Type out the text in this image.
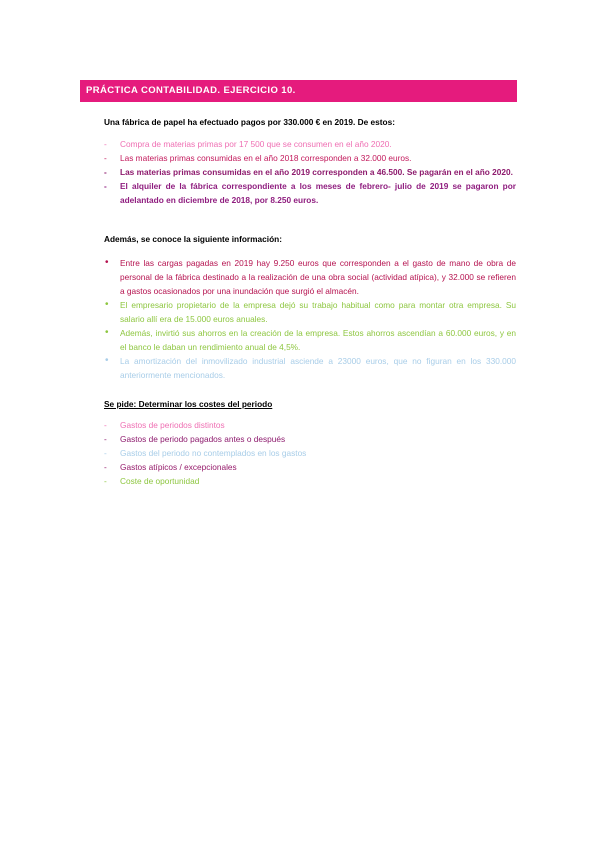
PRÁCTICA CONTABILIDAD. EJERCICIO 10.
Una fábrica de papel ha efectuado pagos por 330.000 € en 2019. De estos:
- Compra de materias primas por 17 500 que se consumen en el año 2020.
- Las materias primas consumidas en el año 2018 corresponden a 32.000 euros.
- Las materias primas consumidas en el año 2019 corresponden a 46.500. Se pagarán en el año 2020.
- El alquiler de la fábrica correspondiente a los meses de febrero- julio de 2019 se pagaron por adelantado en diciembre de 2018, por 8.250 euros.
Además, se conoce la siguiente información:
• Entre las cargas pagadas en 2019 hay 9.250 euros que corresponden a el gasto de mano de obra de personal de la fábrica destinado a la realización de una obra social (actividad atípica), y 32.000 se refieren a gastos ocasionados por una inundación que surgió el almacén.
• El empresario propietario de la empresa dejó su trabajo habitual como para montar otra empresa. Su salario allí era de 15.000 euros anuales.
• Además, invirtió sus ahorros en la creación de la empresa. Estos ahorros ascendían a 60.000 euros, y en el banco le daban un rendimiento anual de 4,5%.
• La amortización del inmovilizado industrial asciende a 23000 euros, que no figuran en los 330.000 anteriormente mencionados.
Se pide: Determinar los costes del periodo
- Gastos de periodos distintos
- Gastos de periodo pagados antes o después
- Gastos del periodo no contemplados en los gastos
- Gastos atípicos / excepcionales
- Coste de oportunidad
